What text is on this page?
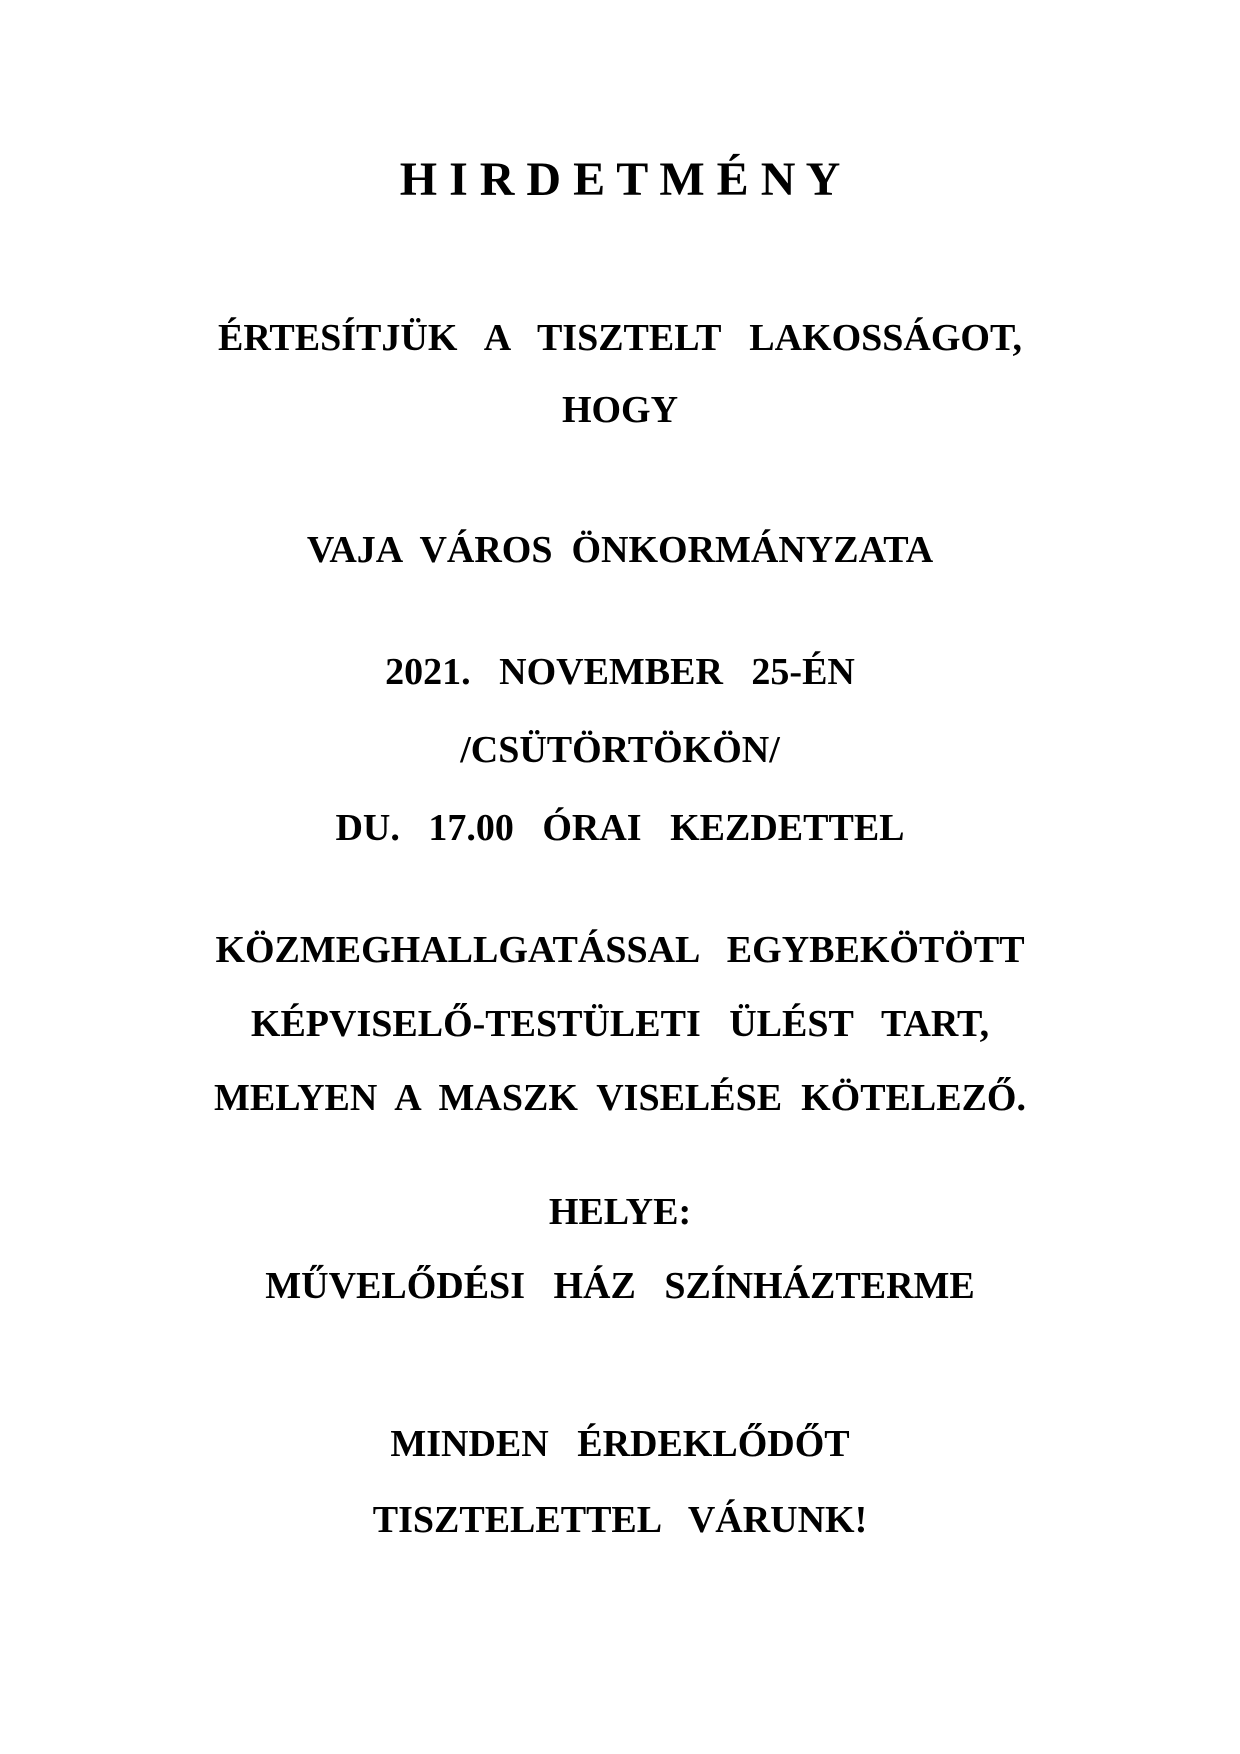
H I R D E T M É N Y
ÉRTESÍTJÜK   A   TISZTELT   LAKOSSÁGOT,
HOGY
VAJA  VÁROS  ÖNKORMÁNYZATA
2021.   NOVEMBER   25-ÉN
/CSÜTÖRTÖKÖN/
DU.   17.00   ÓRAI   KEZDETTEL
KÖZMEGHALLGATÁSSAL   EGYBEKÖTÖTT
KÉPVISELŐ-TESTÜLETI   ÜLÉST   TART,
MELYEN  A  MASZK  VISELÉSE  KÖTELEZŐ.
HELYE:
MŰVELŐDÉSI   HÁZ   SZÍNHÁZTERME
MINDEN   ÉRDEKLŐDŐT
TISZTELETTEL   VÁRUNK!
